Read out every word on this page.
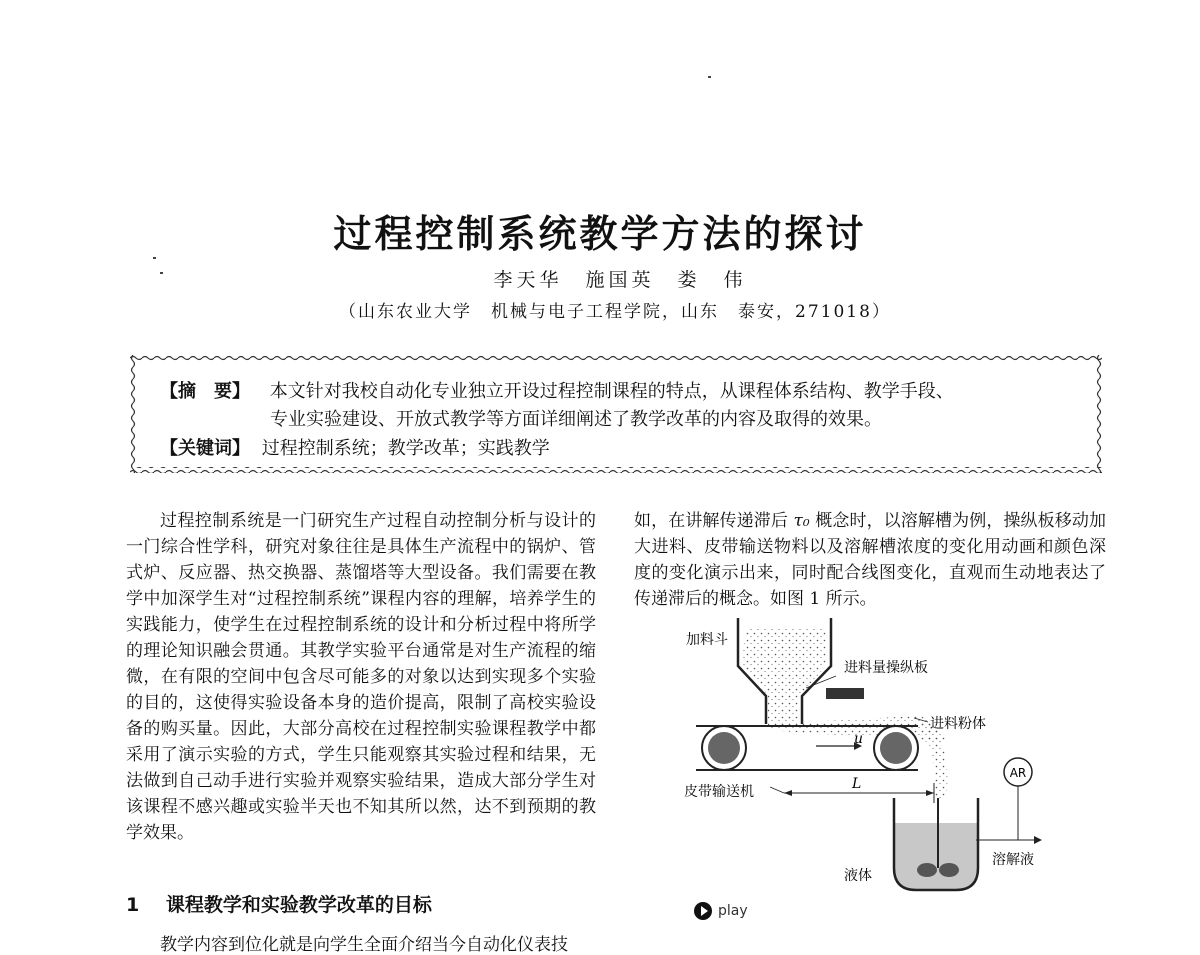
过程控制系统教学方法的探讨
李天华　施国英　娄　伟
（山东农业大学　机械与电子工程学院，山东　泰安，271018）
【摘　要】 本文针对我校自动化专业独立开设过程控制课程的特点，从课程体系结构、教学手段、
专业实验建设、开放式教学等方面详细阐述了教学改革的内容及取得的效果。
【关键词】 过程控制系统；教学改革；实践教学

过程控制系统是一门研究生产过程自动控制分析与设计的一门综合性学科，研究对象往往是具体生产流程中的锅炉、管式炉、反应器、热交换器、蒸馏塔等大型设备。我们需要在教学中加深学生对“过程控制系统”课程内容的理解，培养学生的实践能力，使学生在过程控制系统的设计和分析过程中将所学的理论知识融会贯通。其教学实验平台通常是对生产流程的缩微，在有限的空间中包含尽可能多的对象以达到实现多个实验的目的，这使得实验设备本身的造价提高，限制了高校实验设备的购买量。因此，大部分高校在过程控制实验课程教学中都采用了演示实验的方式，学生只能观察其实验过程和结果，无法做到自己动手进行实验并观察实验结果，造成大部分学生对该课程不感兴趣或实验半天也不知其所以然，达不到预期的教学效果。

1 课程教学和实验教学改革的目标
教学内容到位化就是向学生全面介绍当今自动化仪表技

如，在讲解传递滞后 τ₀ 概念时，以溶解槽为例，操纵板移动加大进料、皮带输送物料以及溶解槽浓度的变化用动画和颜色深度的变化演示出来，同时配合线图变化，直观而生动地表达了传递滞后的概念。如图 1 所示。

u
L
AR
加料斗
进料量操纵板
进料粉体
皮带输送机
液体
溶解液
play
